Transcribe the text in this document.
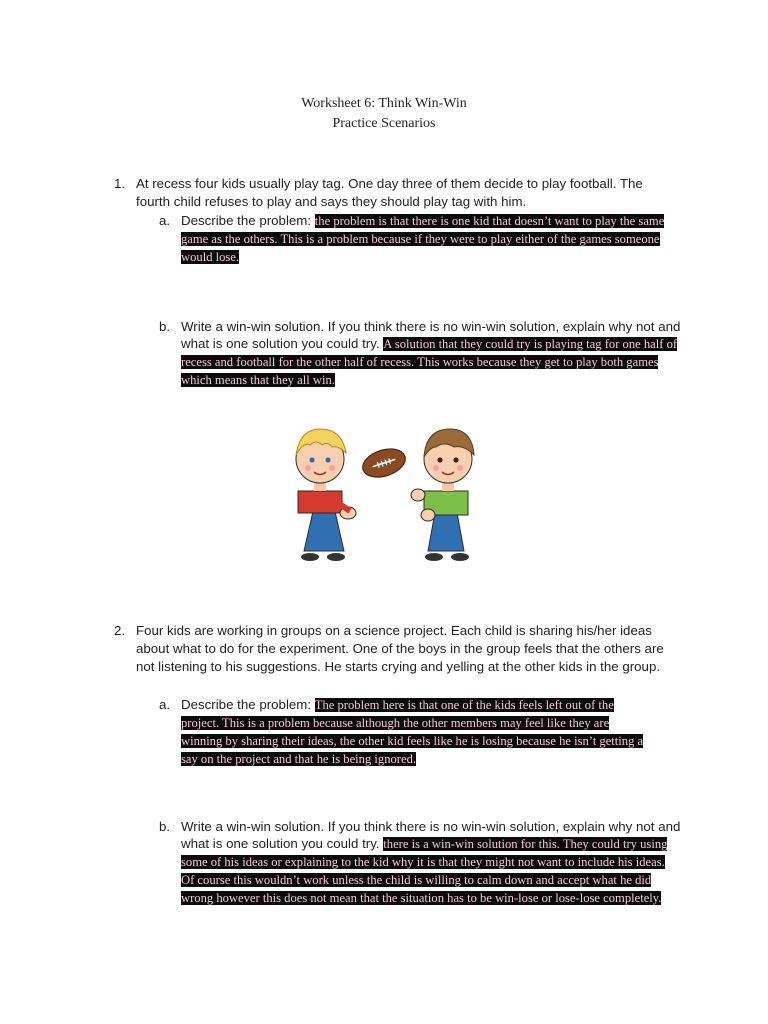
Worksheet 6: Think Win-Win
Practice Scenarios
1. At recess four kids usually play tag. One day three of them decide to play football. The fourth child refuses to play and says they should play tag with him.
a. Describe the problem: the problem is that there is one kid that doesn’t want to play the same game as the others. This is a problem because if they were to play either of the games someone would lose.
b. Write a win-win solution. If you think there is no win-win solution, explain why not and what is one solution you could try. A solution that they could try is playing tag for one half of recess and football for the other half of recess. This works because they get to play both games which means that they all win.
2. Four kids are working in groups on a science project. Each child is sharing his/her ideas about what to do for the experiment. One of the boys in the group feels that the others are not listening to his suggestions. He starts crying and yelling at the other kids in the group.
a. Describe the problem: The problem here is that one of the kids feels left out of the project. This is a problem because although the other members may feel like they are winning by sharing their ideas, the other kid feels like he is losing because he isn’t getting a say on the project and that he is being ignored.
b. Write a win-win solution. If you think there is no win-win solution, explain why not and what is one solution you could try. there is a win-win solution for this. They could try using some of his ideas or explaining to the kid why it is that they might not want to include his ideas. Of course this wouldn’t work unless the child is willing to calm down and accept what he did wrong however this does not mean that the situation has to be win-lose or lose-lose completely.
